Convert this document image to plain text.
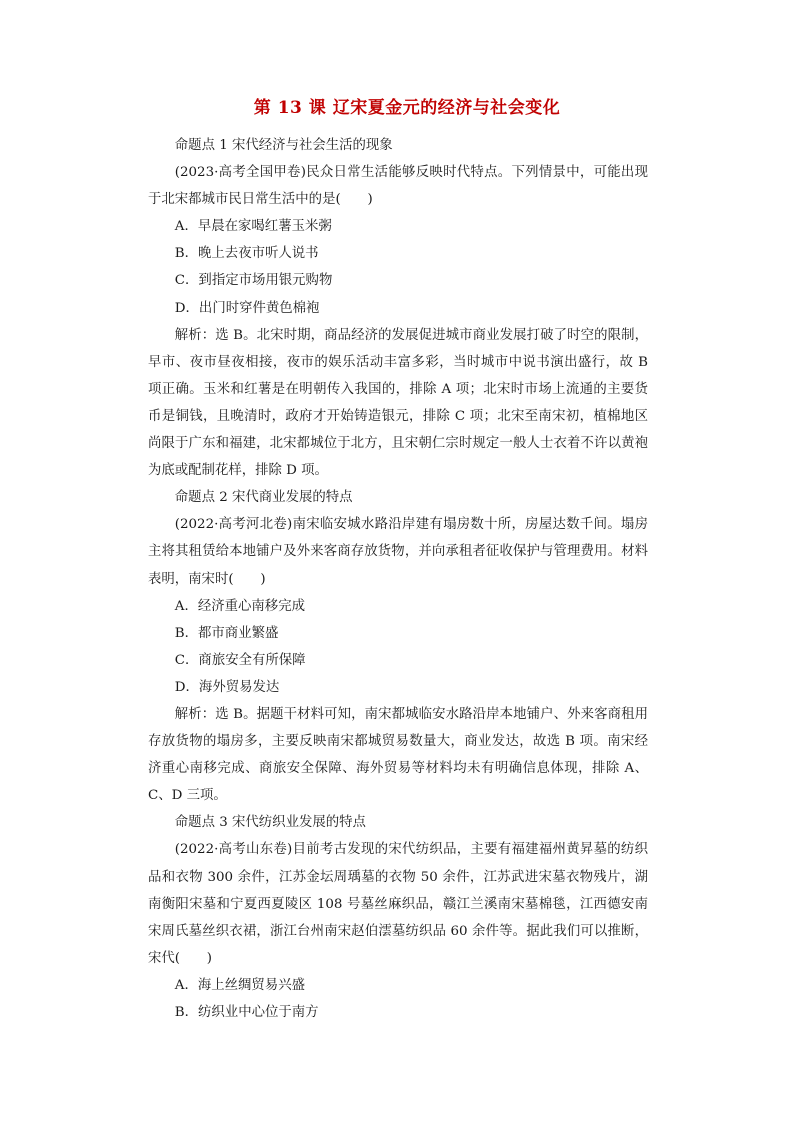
第 13 课 辽宋夏金元的经济与社会变化

命题点 1 宋代经济与社会生活的现象

(2023·高考全国甲卷)民众日常生活能够反映时代特点。下列情景中，可能出现于北宋都城市民日常生活中的是(　　)

A．早晨在家喝红薯玉米粥

B．晚上去夜市听人说书

C．到指定市场用银元购物

D．出门时穿件黄色棉袍

解析：选 B。北宋时期，商品经济的发展促进城市商业发展打破了时空的限制，早市、夜市昼夜相接，夜市的娱乐活动丰富多彩，当时城市中说书演出盛行，故 B 项正确。玉米和红薯是在明朝传入我国的，排除 A 项；北宋时市场上流通的主要货币是铜钱，且晚清时，政府才开始铸造银元，排除 C 项；北宋至南宋初，植棉地区尚限于广东和福建，北宋都城位于北方，且宋朝仁宗时规定一般人士衣着不许以黄袍为底或配制花样，排除 D 项。

命题点 2 宋代商业发展的特点

(2022·高考河北卷)南宋临安城水路沿岸建有塌房数十所，房屋达数千间。塌房主将其租赁给本地铺户及外来客商存放货物，并向承租者征收保护与管理费用。材料表明，南宋时(　　)

A．经济重心南移完成

B．都市商业繁盛

C．商旅安全有所保障

D．海外贸易发达

解析：选 B。据题干材料可知，南宋都城临安水路沿岸本地铺户、外来客商租用存放货物的塌房多，主要反映南宋都城贸易数量大，商业发达，故选 B 项。南宋经济重心南移完成、商旅安全保障、海外贸易等材料均未有明确信息体现，排除 A、C、D 三项。

命题点 3 宋代纺织业发展的特点

(2022·高考山东卷)目前考古发现的宋代纺织品，主要有福建福州黄昇墓的纺织品和衣物 300 余件，江苏金坛周瑀墓的衣物 50 余件，江苏武进宋墓衣物残片，湖南衡阳宋墓和宁夏西夏陵区 108 号墓丝麻织品，赣江兰溪南宋墓棉毯，江西德安南宋周氏墓丝织衣裙，浙江台州南宋赵伯澐墓纺织品 60 余件等。据此我们可以推断，宋代(　　)

A．海上丝绸贸易兴盛

B．纺织业中心位于南方
